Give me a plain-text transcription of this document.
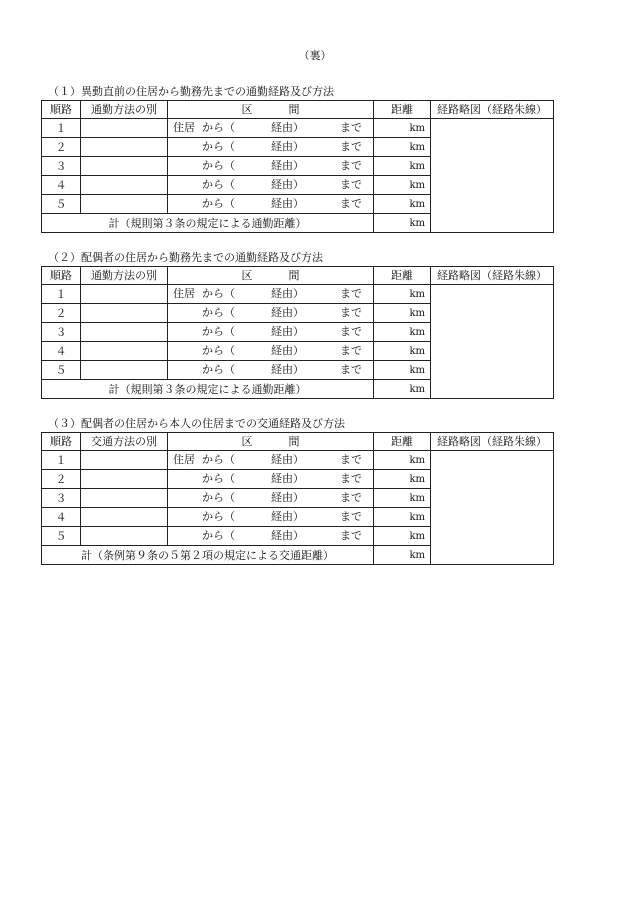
（裏）
（１）異動直前の住居から勤務先までの通勤経路及び方法
順路	通勤方法の別	区 間	距離	経路略図（経路朱線）
１		住居 から（ 経由） まで	km	
２		から（ 経由） まで	km	
３		から（ 経由） まで	km	
４		から（ 経由） まで	km	
５		から（ 経由） まで	km	
計（規則第３条の規定による通勤距離）			km	
（２）配偶者の住居から勤務先までの通勤経路及び方法
順路	通勤方法の別	区 間	距離	経路略図（経路朱線）
１		住居 から（ 経由） まで	km	
２		から（ 経由） まで	km	
３		から（ 経由） まで	km	
４		から（ 経由） まで	km	
５		から（ 経由） まで	km	
計（規則第３条の規定による通勤距離）			km	
（３）配偶者の住居から本人の住居までの交通経路及び方法
順路	交通方法の別	区 間	距離	経路略図（経路朱線）
１		住居 から（ 経由） まで	km	
２		から（ 経由） まで	km	
３		から（ 経由） まで	km	
４		から（ 経由） まで	km	
５		から（ 経由） まで	km	
計（条例第９条の５第２項の規定による交通距離）			km	
